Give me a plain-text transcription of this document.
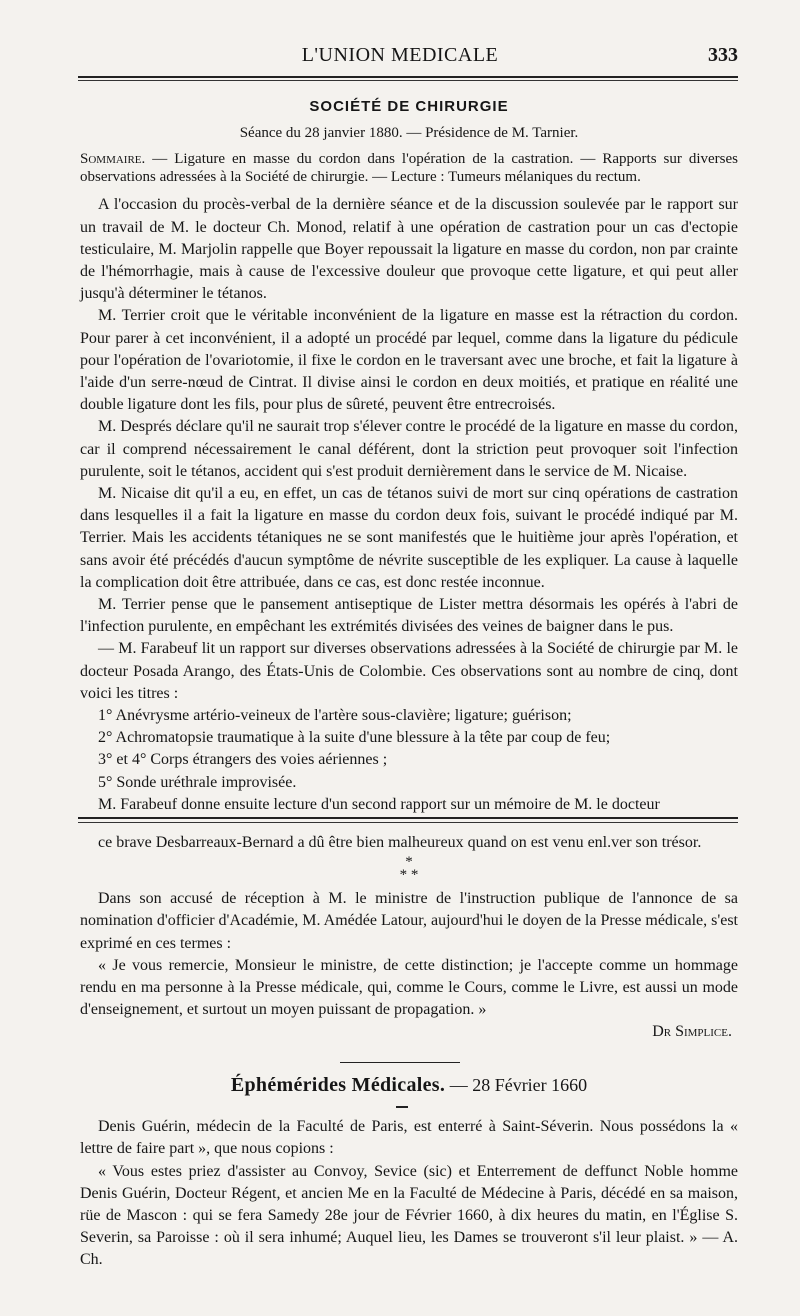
L'UNION MEDICALE	333
SOCIÉTÉ DE CHIRURGIE
Séance du 28 janvier 1880. — Présidence de M. Tarnier.

Sommaire. — Ligature en masse du cordon dans l'opération de la castration. — Rapports sur diverses observations adressées à la Société de chirurgie. — Lecture : Tumeurs mélaniques du rectum.

A l'occasion du procès-verbal de la dernière séance et de la discussion soulevée par le rapport sur un travail de M. le docteur Ch. Monod, relatif à une opération de castration pour un cas d'ectopie testiculaire, M. Marjolin rappelle que Boyer repoussait la ligature en masse du cordon, non par crainte de l'hémorrhagie, mais à cause de l'excessive douleur que provoque cette ligature, et qui peut aller jusqu'à déterminer le tétanos.

M. Terrier croit que le véritable inconvénient de la ligature en masse est la rétraction du cordon. Pour parer à cet inconvénient, il a adopté un procédé par lequel, comme dans la ligature du pédicule pour l'opération de l'ovariotomie, il fixe le cordon en le traversant avec une broche, et fait la ligature à l'aide d'un serre-nœud de Cintrat. Il divise ainsi le cordon en deux moitiés, et pratique en réalité une double ligature dont les fils, pour plus de sûreté, peuvent être entrecroisés.

M. Després déclare qu'il ne saurait trop s'élever contre le procédé de la ligature en masse du cordon, car il comprend nécessairement le canal déférent, dont la striction peut provoquer soit l'infection purulente, soit le tétanos, accident qui s'est produit dernièrement dans le service de M. Nicaise.

M. Nicaise dit qu'il a eu, en effet, un cas de tétanos suivi de mort sur cinq opérations de castration dans lesquelles il a fait la ligature en masse du cordon deux fois, suivant le procédé indiqué par M. Terrier. Mais les accidents tétaniques ne se sont manifestés que le huitième jour après l'opération, et sans avoir été précédés d'aucun symptôme de névrite susceptible de les expliquer. La cause à laquelle la complication doit être attribuée, dans ce cas, est donc restée inconnue.

M. Terrier pense que le pansement antiseptique de Lister mettra désormais les opérés à l'abri de l'infection purulente, en empêchant les extrémités divisées des veines de baigner dans le pus.

— M. Farabeuf lit un rapport sur diverses observations adressées à la Société de chirurgie par M. le docteur Posada Arango, des États-Unis de Colombie. Ces observations sont au nombre de cinq, dont voici les titres :

1° Anévrysme artério-veineux de l'artère sous-clavière; ligature; guérison;

2° Achromatopsie traumatique à la suite d'une blessure à la tête par coup de feu;

3° et 4° Corps étrangers des voies aériennes ;

5° Sonde uréthrale improvisée.

M. Farabeuf donne ensuite lecture d'un second rapport sur un mémoire de M. le docteur

ce brave Desbarreaux-Bernard a dû être bien malheureux quand on est venu enl.ver son trésor.

*
* *

Dans son accusé de réception à M. le ministre de l'instruction publique de l'annonce de sa nomination d'officier d'Académie, M. Amédée Latour, aujourd'hui le doyen de la Presse médicale, s'est exprimé en ces termes :

« Je vous remercie, Monsieur le ministre, de cette distinction; je l'accepte comme un hommage rendu en ma personne à la Presse médicale, qui, comme le Cours, comme le Livre, est aussi un mode d'enseignement, et surtout un moyen puissant de propagation. »

Dr Simplice.

Éphémérides Médicales. — 28 Février 1660

Denis Guérin, médecin de la Faculté de Paris, est enterré à Saint-Séverin. Nous possédons la « lettre de faire part », que nous copions :

« Vous estes priez d'assister au Convoy, Sevice (sic) et Enterrement de deffunct Noble homme Denis Guérin, Docteur Régent, et ancien Me en la Faculté de Médecine à Paris, décédé en sa maison, rüe de Mascon : qui se fera Samedy 28e jour de Février 1660, à dix heures du matin, en l'Église S. Severin, sa Paroisse : où il sera inhumé; Auquel lieu, les Dames se trouveront s'il leur plaist. » — A. Ch.
